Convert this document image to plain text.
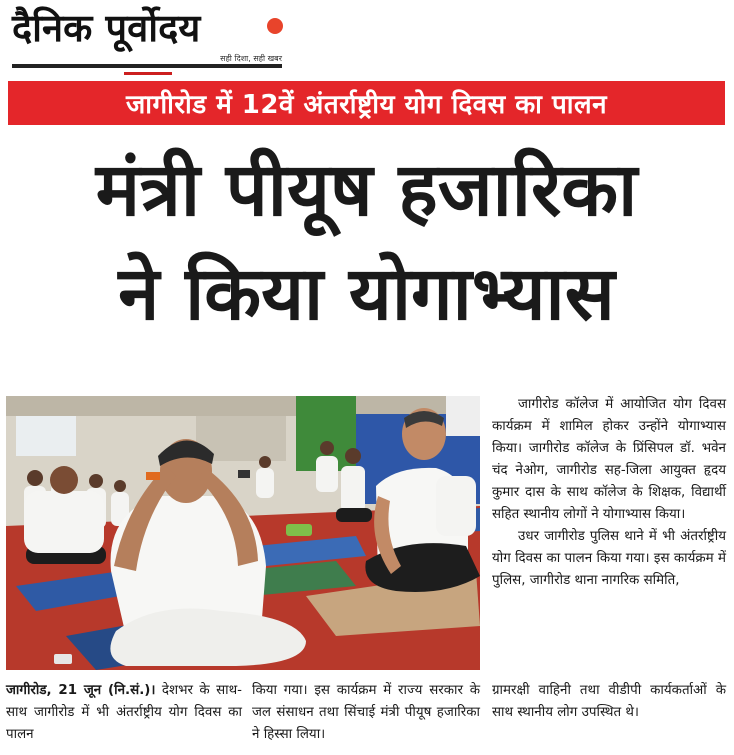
दैनिक पूर्वोदय
सही दिशा, सही खबर
जागीरोड में 12वें अंतर्राष्ट्रीय योग दिवस का पालन
मंत्री पीयूष हजारिका
ने किया योगाभ्यास

जागीरोड कॉलेज में आयोजित योग दिवस कार्यक्रम में शामिल होकर उन्होंने योगाभ्यास किया। जागीरोड कॉलेज के प्रिंसिपल डॉ. भवेन चंद नेओग, जागीरोड सह-जिला आयुक्त हृदय कुमार दास के साथ कॉलेज के शिक्षक, विद्यार्थी सहित स्थानीय लोगों ने योगाभ्यास किया।

उधर जागीरोड पुलिस थाने में भी अंतर्राष्ट्रीय योग दिवस का पालन किया गया। इस कार्यक्रम में पुलिस, जागीरोड थाना नागरिक समिति,

जागीरोड, 21 जून (नि.सं.)। देशभर के साथ-साथ जागीरोड में भी अंतर्राष्ट्रीय योग दिवस का पालन
किया गया। इस कार्यक्रम में राज्य सरकार के जल संसाधन तथा सिंचाई मंत्री पीयूष हजारिका ने हिस्सा लिया।
ग्रामरक्षी वाहिनी तथा वीडीपी कार्यकर्ताओं के साथ स्थानीय लोग उपस्थित थे।
